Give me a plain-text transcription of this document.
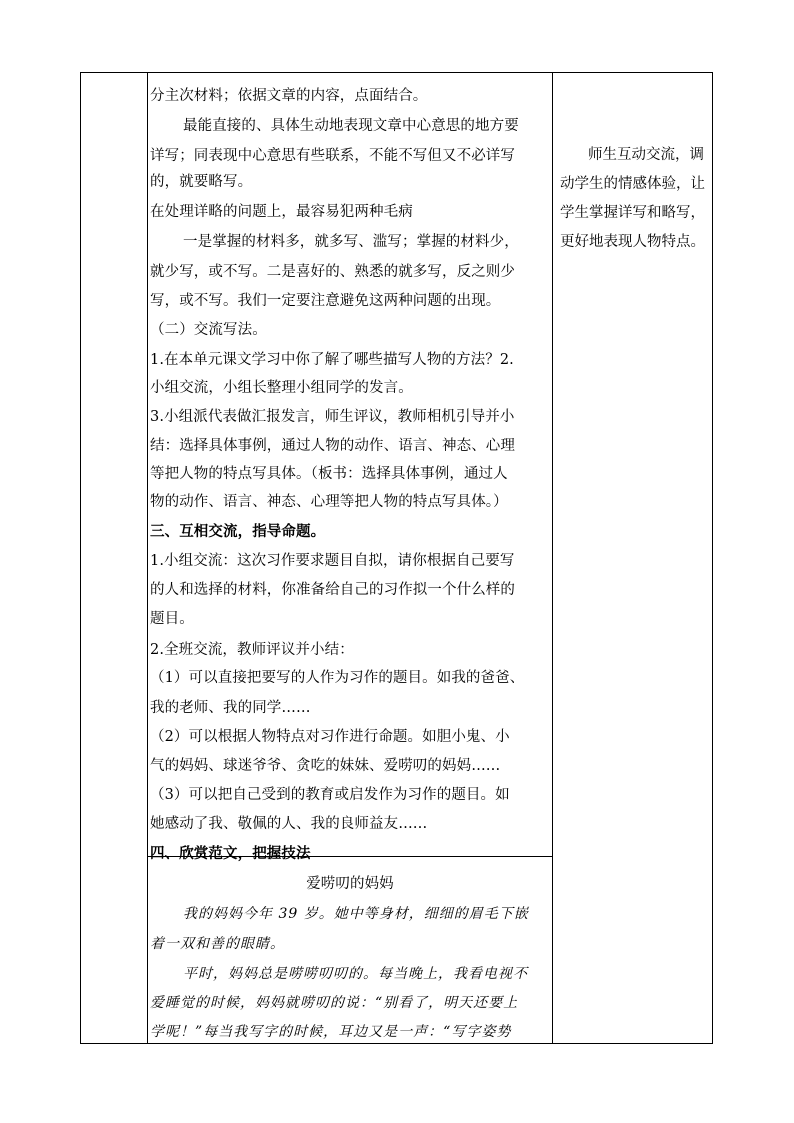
分主次材料；依据文章的内容，点面结合。
最能直接的、具体生动地表现文章中心意思的地方要
详写；同表现中心意思有些联系，不能不写但又不必详写
的，就要略写。
在处理详略的问题上，最容易犯两种毛病
一是掌握的材料多，就多写、滥写；掌握的材料少，
就少写，或不写。二是喜好的、熟悉的就多写，反之则少
写，或不写。我们一定要注意避免这两种问题的出现。
（二）交流写法。
1.在本单元课文学习中你了解了哪些描写人物的方法？2.
小组交流，小组长整理小组同学的发言。
3.小组派代表做汇报发言，师生评议，教师相机引导并小
结：选择具体事例，通过人物的动作、语言、神态、心理
等把人物的特点写具体。（板书：选择具体事例，通过人
物的动作、语言、神态、心理等把人物的特点写具体。）
三、互相交流，指导命题。
1.小组交流：这次习作要求题目自拟，请你根据自己要写
的人和选择的材料，你准备给自己的习作拟一个什么样的
题目。
2.全班交流，教师评议并小结：
（1）可以直接把要写的人作为习作的题目。如我的爸爸、
我的老师、我的同学……
（2）可以根据人物特点对习作进行命题。如胆小鬼、小
气的妈妈、球迷爷爷、贪吃的妹妹、爱唠叨的妈妈……
（3）可以把自己受到的教育或启发作为习作的题目。如
她感动了我、敬佩的人、我的良师益友……
四、欣赏范文，把握技法
爱唠叨的妈妈
我的妈妈今年 39 岁。她中等身材，细细的眉毛下嵌
着一双和善的眼睛。
平时，妈妈总是唠唠叨叨的。每当晚上，我看电视不
爱睡觉的时候，妈妈就唠叨的说：“别看了，明天还要上
学呢！”每当我写字的时候，耳边又是一声：“写字姿势
师生互动交流，调
动学生的情感体验，让
学生掌握详写和略写，
更好地表现人物特点。
